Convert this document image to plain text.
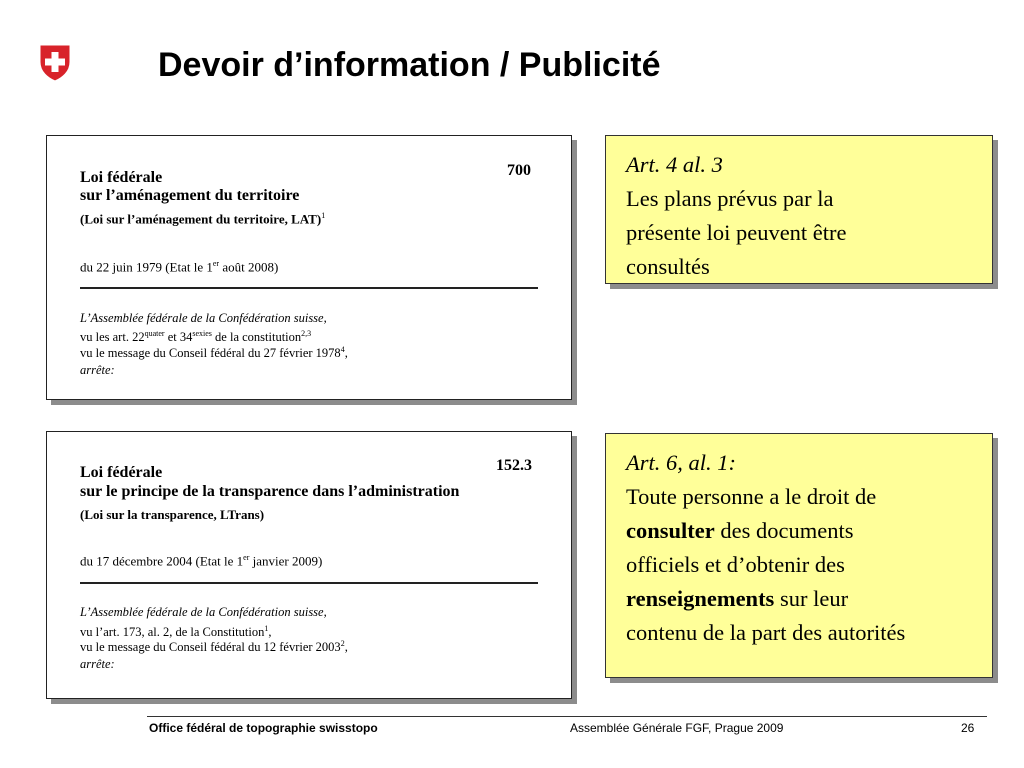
Devoir d’information / Publicité
700
Loi fédérale
sur l’aménagement du territoire
(Loi sur l’aménagement du territoire, LAT)$^1$
du 22 juin 1979 (Etat le 1er août 2008)
L’Assemblée fédérale de la Confédération suisse,
vu les art. $22^{quater}$ et $34^{sexies}$ de la constitution$^{2,3}$
vu le message du Conseil fédéral du 27 février 1978$^4$,
arrête:
152.3
Loi fédérale
sur le principe de la transparence dans l’administration
(Loi sur la transparence, LTrans)
du 17 décembre 2004 (Etat le 1er janvier 2009)
L’Assemblée fédérale de la Confédération suisse,
vu l’art. 173, al. 2, de la Constitution$^1$,
vu le message du Conseil fédéral du 12 février 2003$^2$,
arrête:
Art. 4 al. 3
Les plans prévus par la
présente loi peuvent être
consultés
Art. 6, al. 1:
Toute personne a le droit de
consulter des documents
officiels et d’obtenir des
renseignements sur leur
contenu de la part des autorités
Office fédéral de topographie swisstopo	Assemblée Générale FGF, Prague 2009	26
